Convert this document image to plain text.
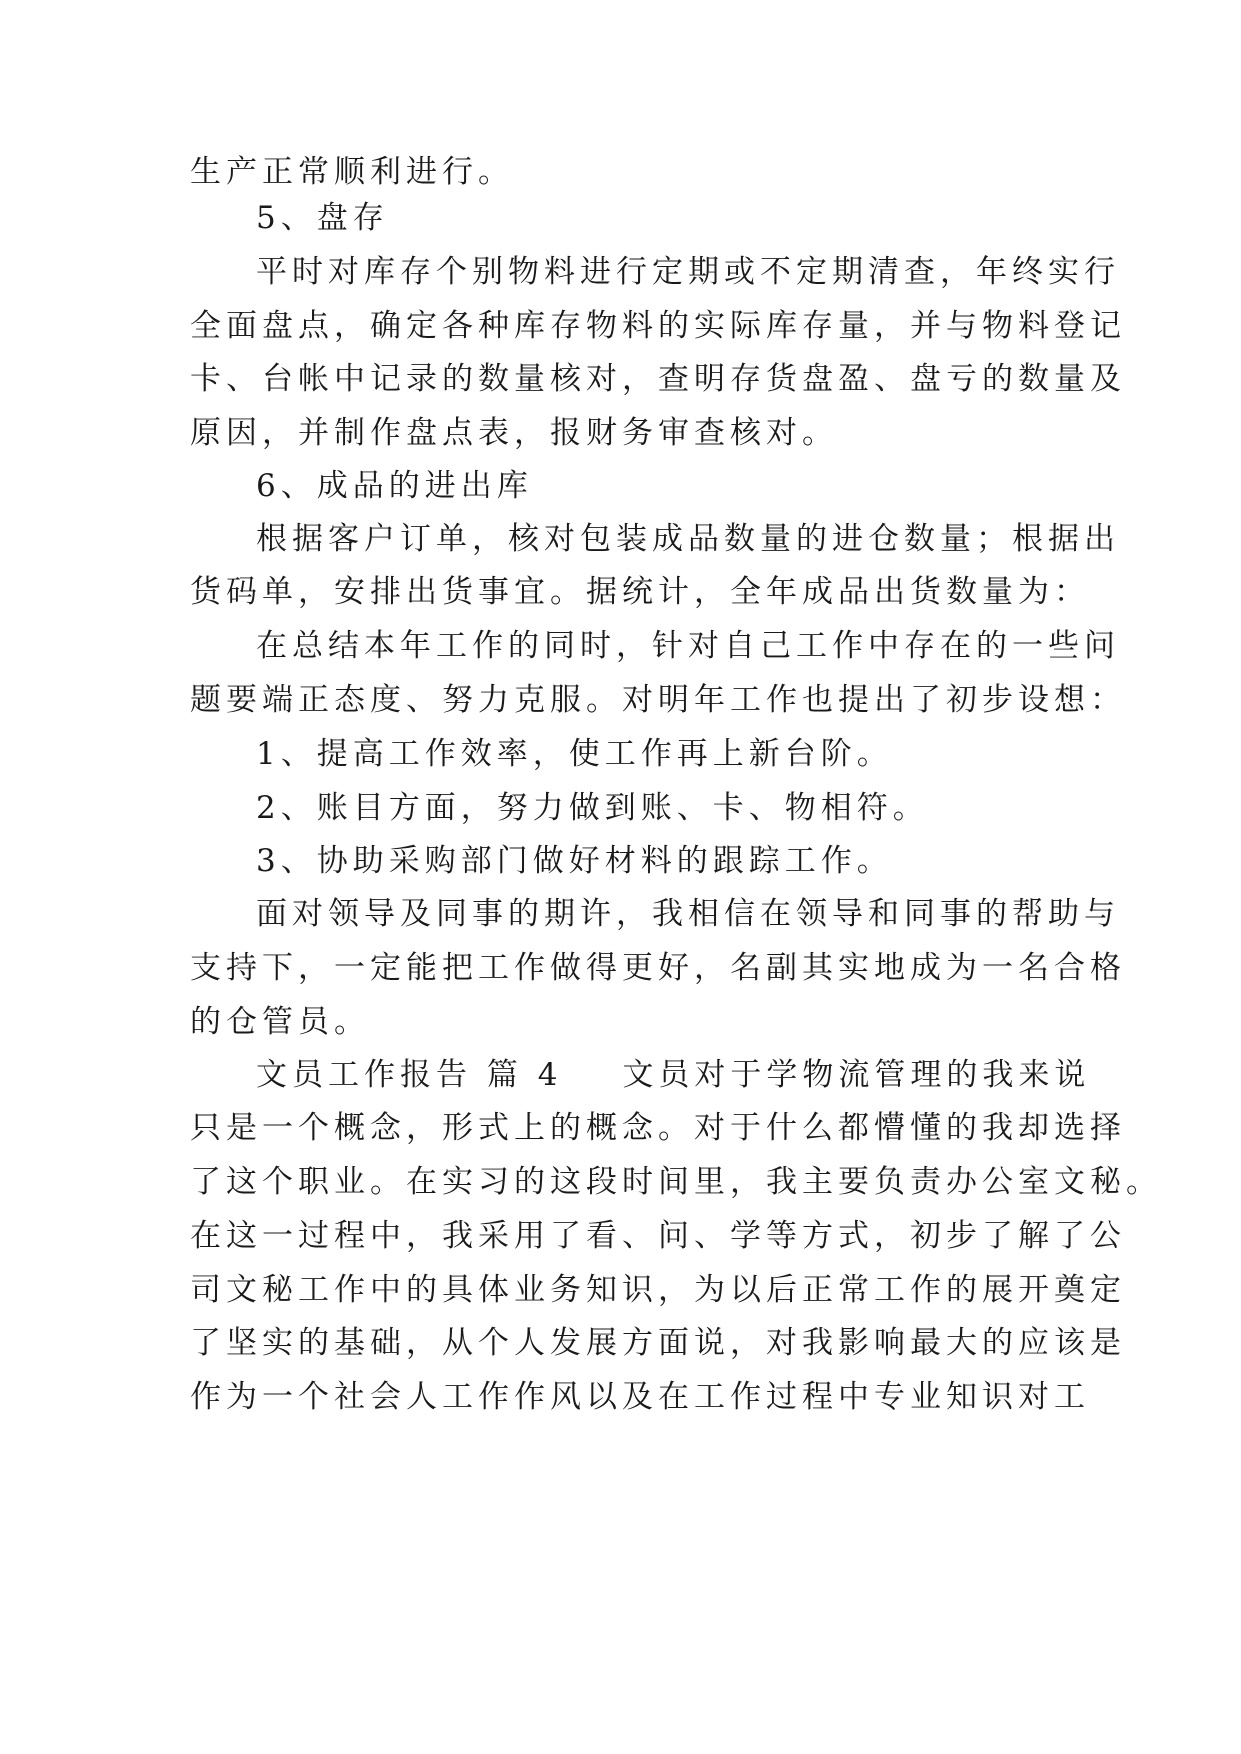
生产正常顺利进行。
5、盘存
平时对库存个别物料进行定期或不定期清查，年终实行
全面盘点，确定各种库存物料的实际库存量，并与物料登记
卡、台帐中记录的数量核对，查明存货盘盈、盘亏的数量及
原因，并制作盘点表，报财务审查核对。
6、成品的进出库
根据客户订单，核对包装成品数量的进仓数量；根据出
货码单，安排出货事宜。据统计，全年成品出货数量为：
在总结本年工作的同时，针对自己工作中存在的一些问
题要端正态度、努力克服。对明年工作也提出了初步设想：
1、提高工作效率，使工作再上新台阶。
2、账目方面，努力做到账、卡、物相符。
3、协助采购部门做好材料的跟踪工作。
面对领导及同事的期许，我相信在领导和同事的帮助与
支持下，一定能把工作做得更好，名副其实地成为一名合格
的仓管员。
文员工作报告 篇 4 文员对于学物流管理的我来说
只是一个概念，形式上的概念。对于什么都懵懂的我却选择
了这个职业。在实习的这段时间里，我主要负责办公室文秘。
在这一过程中，我采用了看、问、学等方式，初步了解了公
司文秘工作中的具体业务知识，为以后正常工作的展开奠定
了坚实的基础，从个人发展方面说，对我影响最大的应该是
作为一个社会人工作作风以及在工作过程中专业知识对工
